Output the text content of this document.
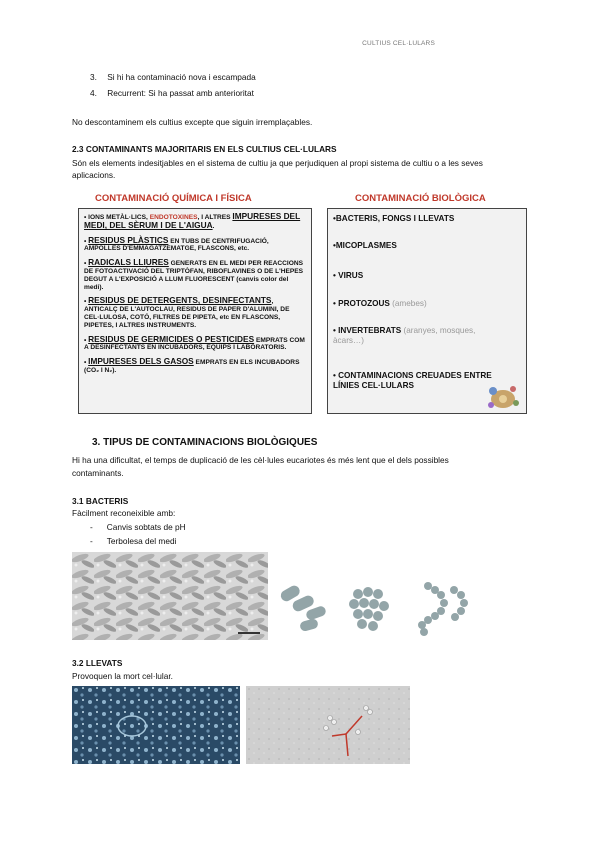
CULTIUS CEL·LULARS
3. Si hi ha contaminació nova i escampada
4. Recurrent: Si ha passat amb anterioritat
No descontaminem els cultius excepte que siguin irremplaçables.
2.3 CONTAMINANTS MAJORITARIS EN ELS CULTIUS CEL·LULARS
Són els elements indesitjables en el sistema de cultiu ja que perjudiquen al propi sistema de cultiu o a les seves
aplicacions.
CONTAMINACIÓ QUÍMICA I FÍSICA	CONTAMINACIÓ BIOLÒGICA
• IONS METÀL·LICS, ENDOTOXINES, I ALTRES IMPURESES DEL MEDI, DEL SÈRUM I DE L'AIGUA.
• RESIDUS PLÀSTICS EN TUBS DE CENTRIFUGACIÓ, AMPOLLES D'EMMAGATZEMATGE, FLASCONS, etc.
• RADICALS LLIURES GENERATS EN EL MEDI PER REACCIONS DE FOTOACTIVACIÓ DEL TRIPTÒFAN, RIBOFLAVINES O DE L'HEPES DEGUT A L'EXPOSICIÓ A LLUM FLUORESCENT (canvis color del medi).
• RESIDUS DE DETERGENTS, DESINFECTANTS, ANTICALÇ DE L'AUTOCLAU, RESIDUS DE PAPER D'ALUMINI, DE CEL·LULOSA, COTÓ, FILTRES DE PIPETA, etc EN FLASCONS, PIPETES, I ALTRES INSTRUMENTS.
• RESIDUS DE GERMICIDES O PESTICIDES EMPRATS COM A DESINFECTANTS EN INCUBADORS, EQUIPS I LABORATORIS.
• IMPURESES DELS GASOS EMPRATS EN ELS INCUBADORS (CO₂ I N₂).
•BACTERIS, FONGS I LLEVATS
•MICOPLASMES
• VIRUS
• PROTOZOUS (amebes)
• INVERTEBRATS (aranyes, mosques, àcars…)
• CONTAMINACIONS CREUADES ENTRE LÍNIES CEL·LULARS
3. TIPUS DE CONTAMINACIONS BIOLÒGIQUES
Hi ha una dificultat, el temps de duplicació de les cèl·lules eucariotes és més lent que el dels possibles
contaminants.
3.1 BACTERIS
Fàcilment reconeixible amb:
- Canvis sobtats de pH
- Terbolesa del medi
3.2 LLEVATS
Provoquen la mort cel·lular.
